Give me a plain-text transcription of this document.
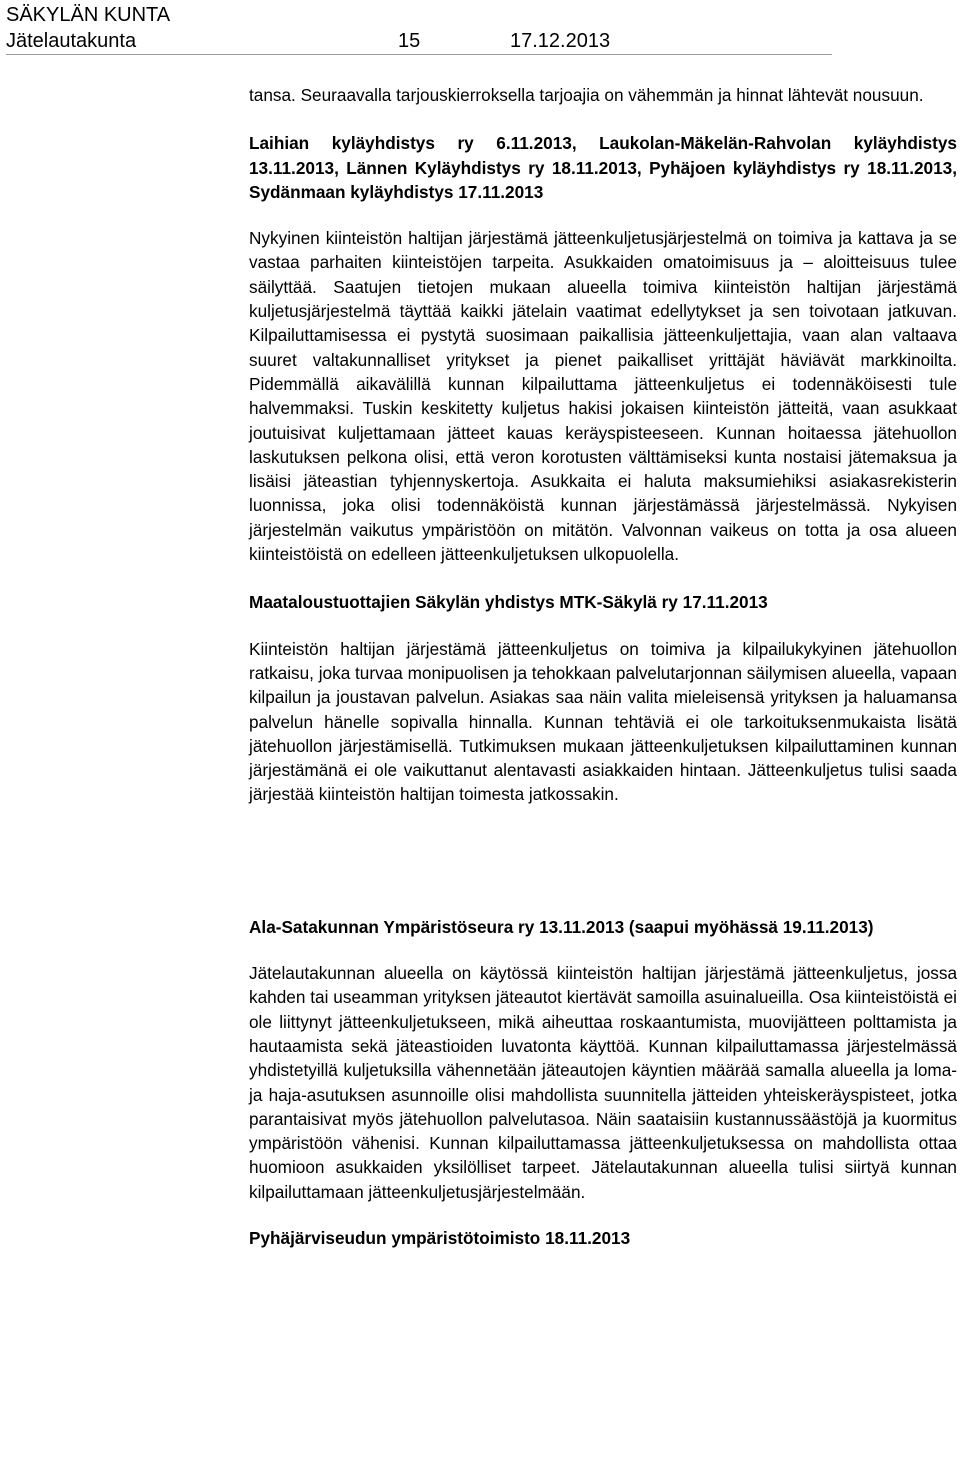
SÄKYLÄN KUNTA
Jätelautakunta	15	17.12.2013

tansa. Seuraavalla tarjouskierroksella tarjoajia on vähemmän ja hinnat lähtevät nousuun.

Laihian kyläyhdistys ry 6.11.2013, Laukolan-Mäkelän-Rahvolan kyläyhdistys 13.11.2013, Lännen Kyläyhdistys ry 18.11.2013, Pyhäjoen kyläyhdistys ry 18.11.2013, Sydänmaan kyläyhdistys 17.11.2013

Nykyinen kiinteistön haltijan järjestämä jätteenkuljetusjärjestelmä on toimiva ja kattava ja se vastaa parhaiten kiinteistöjen tarpeita. Asukkaiden omatoimisuus ja – aloitteisuus tulee säilyttää. Saatujen tietojen mukaan alueella toimiva kiinteistön haltijan järjestämä kuljetusjärjestelmä täyttää kaikki jätelain vaatimat edellytykset ja sen toivotaan jatkuvan. Kilpailuttamisessa ei pystytä suosimaan paikallisia jätteenkuljettajia, vaan alan valtaava suuret valtakunnalliset yritykset ja pienet paikalliset yrittäjät häviävät markkinoilta. Pidemmällä aikavälillä kunnan kilpailuttama jätteenkuljetus ei todennäköisesti tule halvemmaksi. Tuskin keskitetty kuljetus hakisi jokaisen kiinteistön jätteitä, vaan asukkaat joutuisivat kuljettamaan jätteet kauas keräyspisteeseen. Kunnan hoitaessa jätehuollon laskutuksen pelkona olisi, että veron korotusten välttämiseksi kunta nostaisi jätemaksua ja lisäisi jäteastian tyhjennyskertoja. Asukkaita ei haluta maksumiehiksi asiakasrekisterin luonnissa, joka olisi todennäköistä kunnan järjestämässä järjestelmässä. Nykyisen järjestelmän vaikutus ympäristöön on mitätön. Valvonnan vaikeus on totta ja osa alueen kiinteistöistä on edelleen jätteenkuljetuksen ulkopuolella.

Maataloustuottajien Säkylän yhdistys MTK-Säkylä ry 17.11.2013

Kiinteistön haltijan järjestämä jätteenkuljetus on toimiva ja kilpailukykyinen jätehuollon ratkaisu, joka turvaa monipuolisen ja tehokkaan palvelutarjonnan säilymisen alueella, vapaan kilpailun ja joustavan palvelun. Asiakas saa näin valita mieleisensä yrityksen ja haluamansa palvelun hänelle sopivalla hinnalla. Kunnan tehtäviä ei ole tarkoituksenmukaista lisätä jätehuollon järjestämisellä. Tutkimuksen mukaan jätteenkuljetuksen kilpailuttaminen kunnan järjestämänä ei ole vaikuttanut alentavasti asiakkaiden hintaan. Jätteenkuljetus tulisi saada järjestää kiinteistön haltijan toimesta jatkossakin.

Ala-Satakunnan Ympäristöseura ry 13.11.2013 (saapui myöhässä 19.11.2013)

Jätelautakunnan alueella on käytössä kiinteistön haltijan järjestämä jätteenkuljetus, jossa kahden tai useamman yrityksen jäteautot kiertävät samoilla asuinalueilla. Osa kiinteistöistä ei ole liittynyt jätteenkuljetukseen, mikä aiheuttaa roskaantumista, muovijätteen polttamista ja hautaamista sekä jäteastioiden luvatonta käyttöä. Kunnan kilpailuttamassa järjestelmässä yhdistetyillä kuljetuksilla vähennetään jäteautojen käyntien määrää samalla alueella ja loma- ja haja-asutuksen asunnoille olisi mahdollista suunnitella jätteiden yhteiskeräyspisteet, jotka parantaisivat myös jätehuollon palvelutasoa. Näin saataisiin kustannussäästöjä ja kuormitus ympäristöön vähenisi. Kunnan kilpailuttamassa jätteenkuljetuksessa on mahdollista ottaa huomioon asukkaiden yksilölliset tarpeet. Jätelautakunnan alueella tulisi siirtyä kunnan kilpailuttamaan jätteenkuljetusjärjestelmään.

Pyhäjärviseudun ympäristötoimisto 18.11.2013
